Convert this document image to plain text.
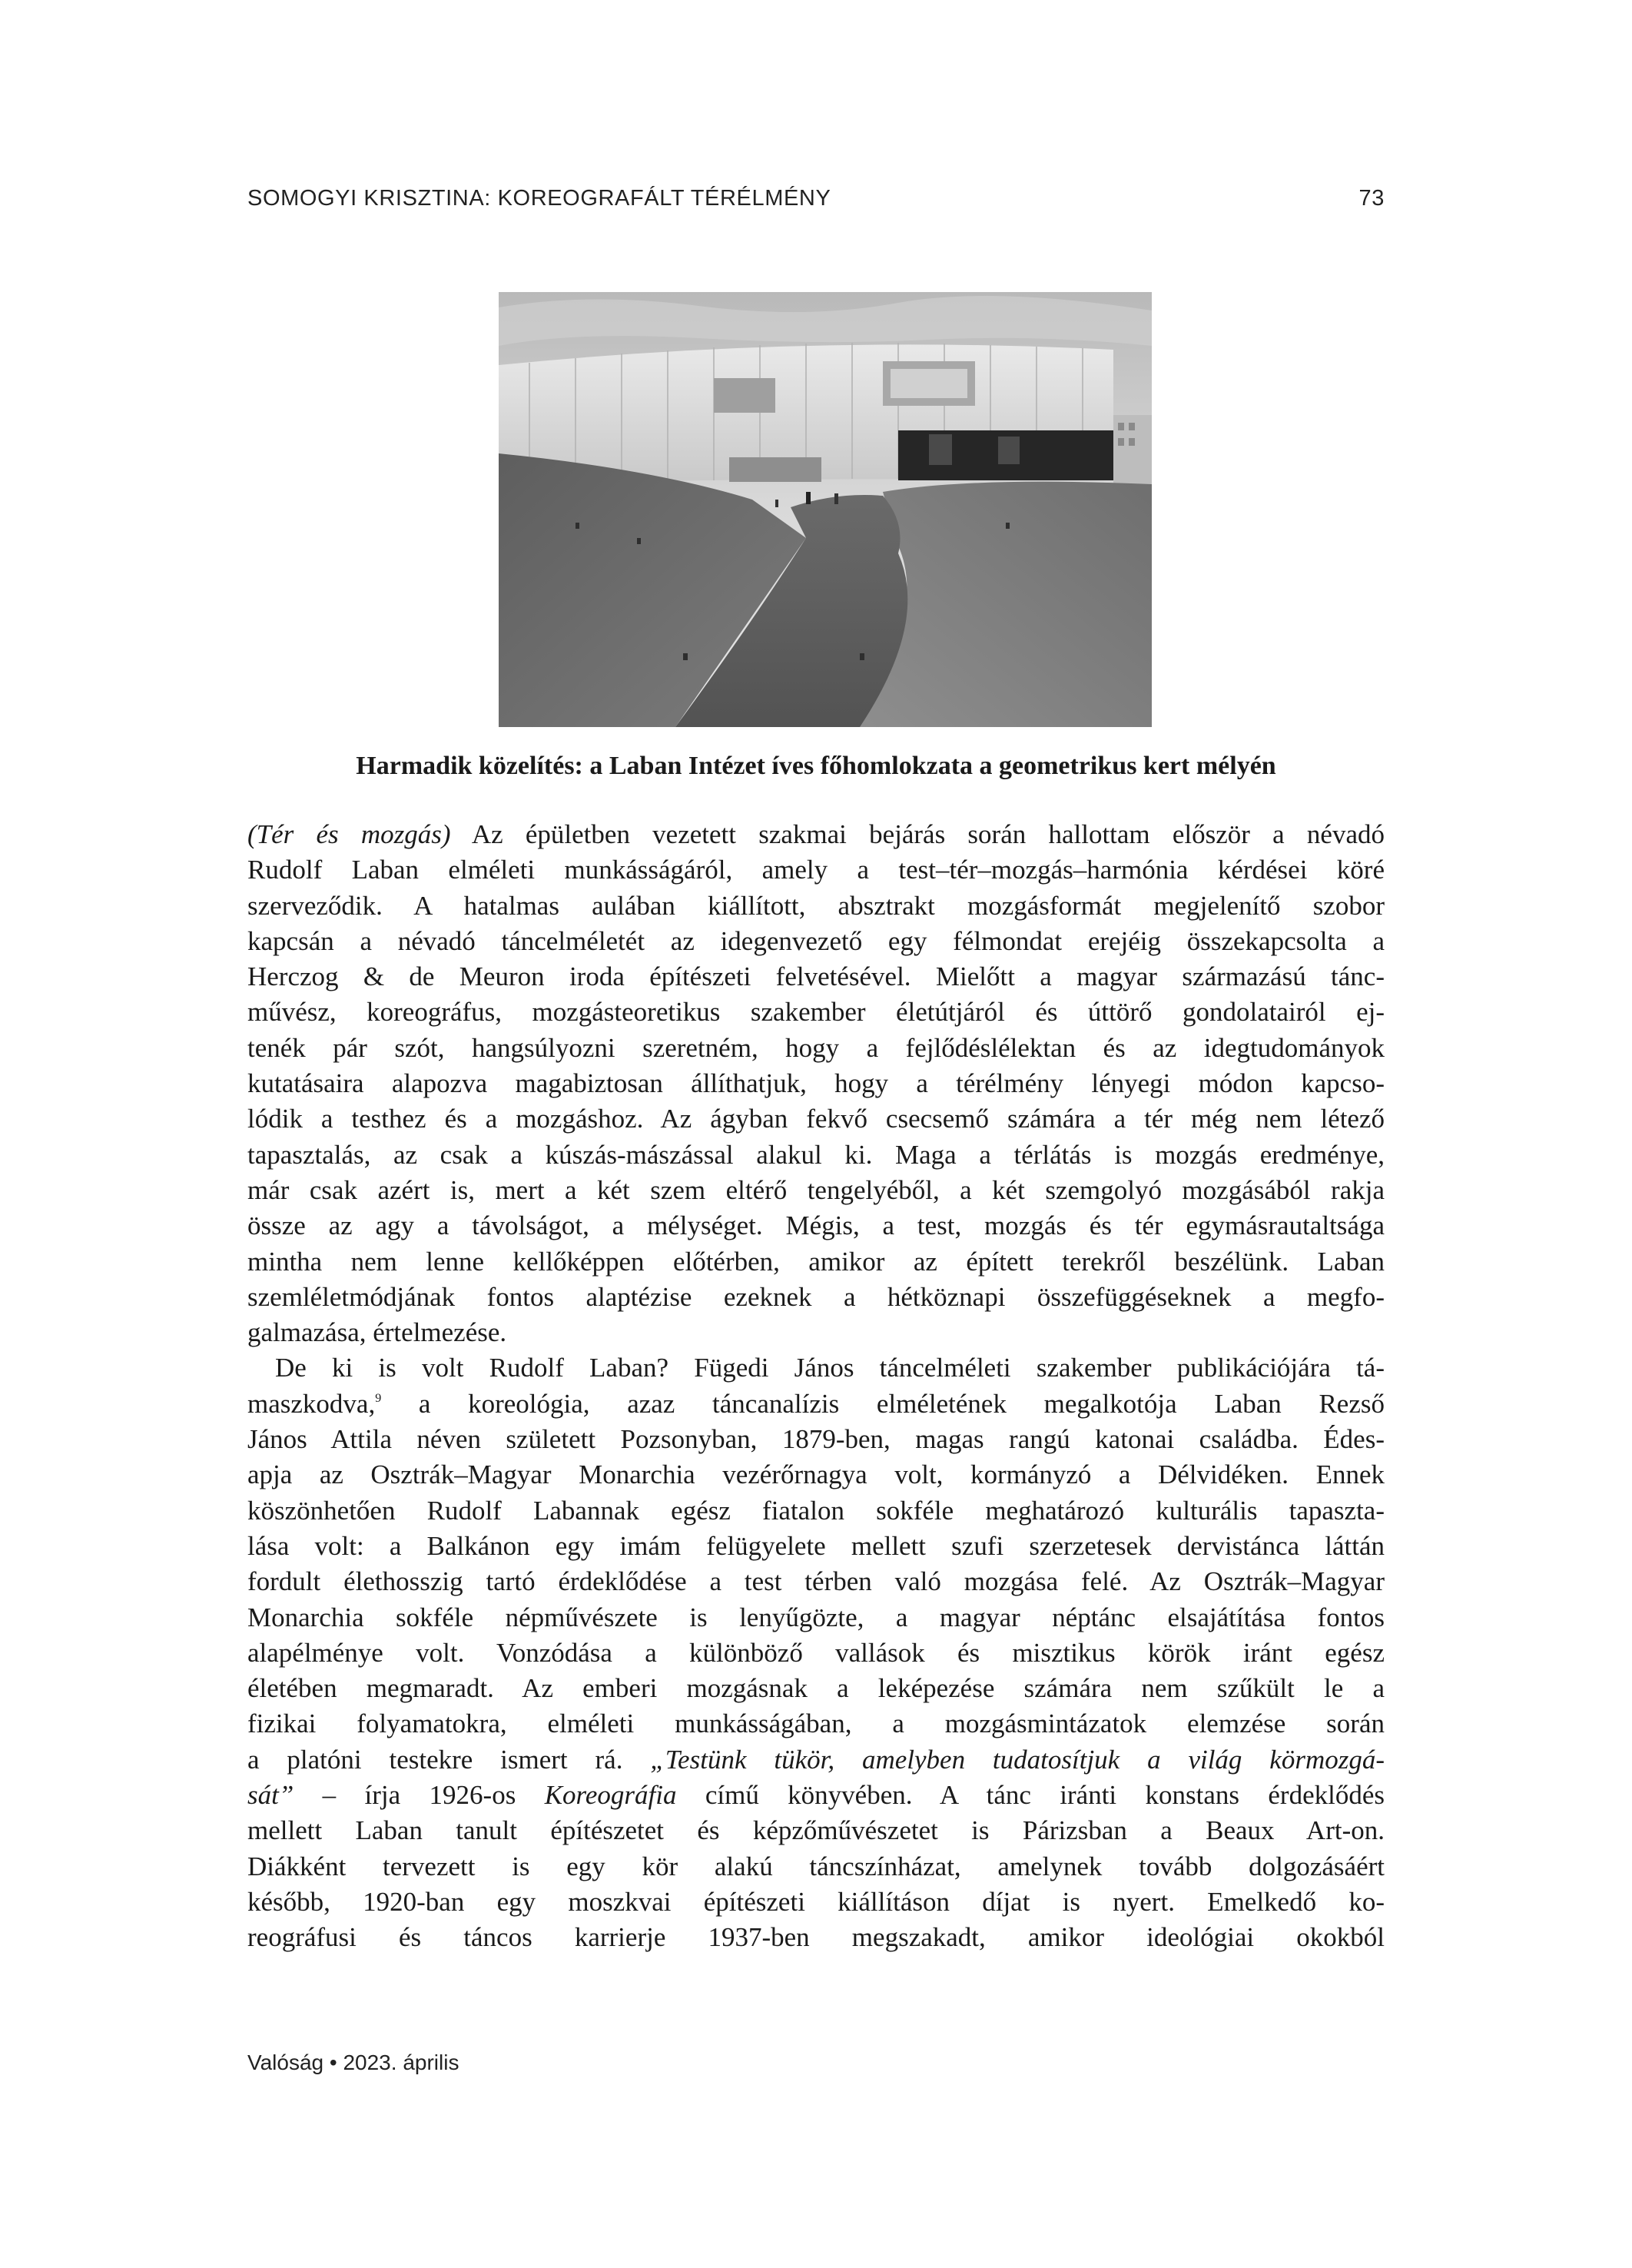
SOMOGYI KRISZTINA: KOREOGRAFÁLT TÉRÉLMÉNY	73
Harmadik közelítés: a Laban Intézet íves főhomlokzata a geometrikus kert mélyén
(Tér és mozgás) Az épületben vezetett szakmai bejárás során hallottam először a névadó
Rudolf Laban elméleti munkásságáról, amely a test–tér–mozgás–harmónia kérdései köré
szerveződik. A hatalmas aulában kiállított, absztrakt mozgásformát megjelenítő szobor
kapcsán a névadó táncelméletét az idegenvezető egy félmondat erejéig összekapcsolta a
Herczog & de Meuron iroda építészeti felvetésével. Mielőtt a magyar származású tánc-
művész, koreográfus, mozgásteoretikus szakember életútjáról és úttörő gondolatairól ej-
tenék pár szót, hangsúlyozni szeretném, hogy a fejlődéslélektan és az idegtudományok
kutatásaira alapozva magabiztosan állíthatjuk, hogy a térélmény lényegi módon kapcso-
lódik a testhez és a mozgáshoz. Az ágyban fekvő csecsemő számára a tér még nem létező
tapasztalás, az csak a kúszás-mászással alakul ki. Maga a térlátás is mozgás eredménye,
már csak azért is, mert a két szem eltérő tengelyéből, a két szemgolyó mozgásából rakja
össze az agy a távolságot, a mélységet. Mégis, a test, mozgás és tér egymásrautaltsága
mintha nem lenne kellőképpen előtérben, amikor az épített terekről beszélünk. Laban
szemléletmódjának fontos alaptézise ezeknek a hétköznapi összefüggéseknek a megfo-
galmazása, értelmezése.
De ki is volt Rudolf Laban? Fügedi János táncelméleti szakember publikációjára tá-
maszkodva,$^9$ a koreológia, azaz táncanalízis elméletének megalkotója Laban Rezső
János Attila néven született Pozsonyban, 1879-ben, magas rangú katonai családba. Édes-
apja az Osztrák–Magyar Monarchia vezérőrnagya volt, kormányzó a Délvidéken. Ennek
köszönhetően Rudolf Labannak egész fiatalon sokféle meghatározó kulturális tapaszta-
lása volt: a Balkánon egy imám felügyelete mellett szufi szerzetesek dervistánca láttán
fordult élethosszig tartó érdeklődése a test térben való mozgása felé. Az Osztrák–Magyar
Monarchia sokféle népművészete is lenyűgözte, a magyar néptánc elsajátítása fontos
alapélménye volt. Vonzódása a különböző vallások és misztikus körök iránt egész
életében megmaradt. Az emberi mozgásnak a leképezése számára nem szűkült le a
fizikai folyamatokra, elméleti munkásságában, a mozgásmintázatok elemzése során
a platóni testekre ismert rá. „Testünk tükör, amelyben tudatosítjuk a világ körmozgá-
sát” – írja 1926-os Koreográfia című könyvében. A tánc iránti konstans érdeklődés
mellett Laban tanult építészetet és képzőművészetet is Párizsban a Beaux Art-on.
Diákként tervezett is egy kör alakú táncszínházat, amelynek tovább dolgozásáért
később, 1920-ban egy moszkvai építészeti kiállításon díjat is nyert. Emelkedő ko-
reográfusi és táncos karrierje 1937-ben megszakadt, amikor ideológiai okokból
Valóság • 2023. április
